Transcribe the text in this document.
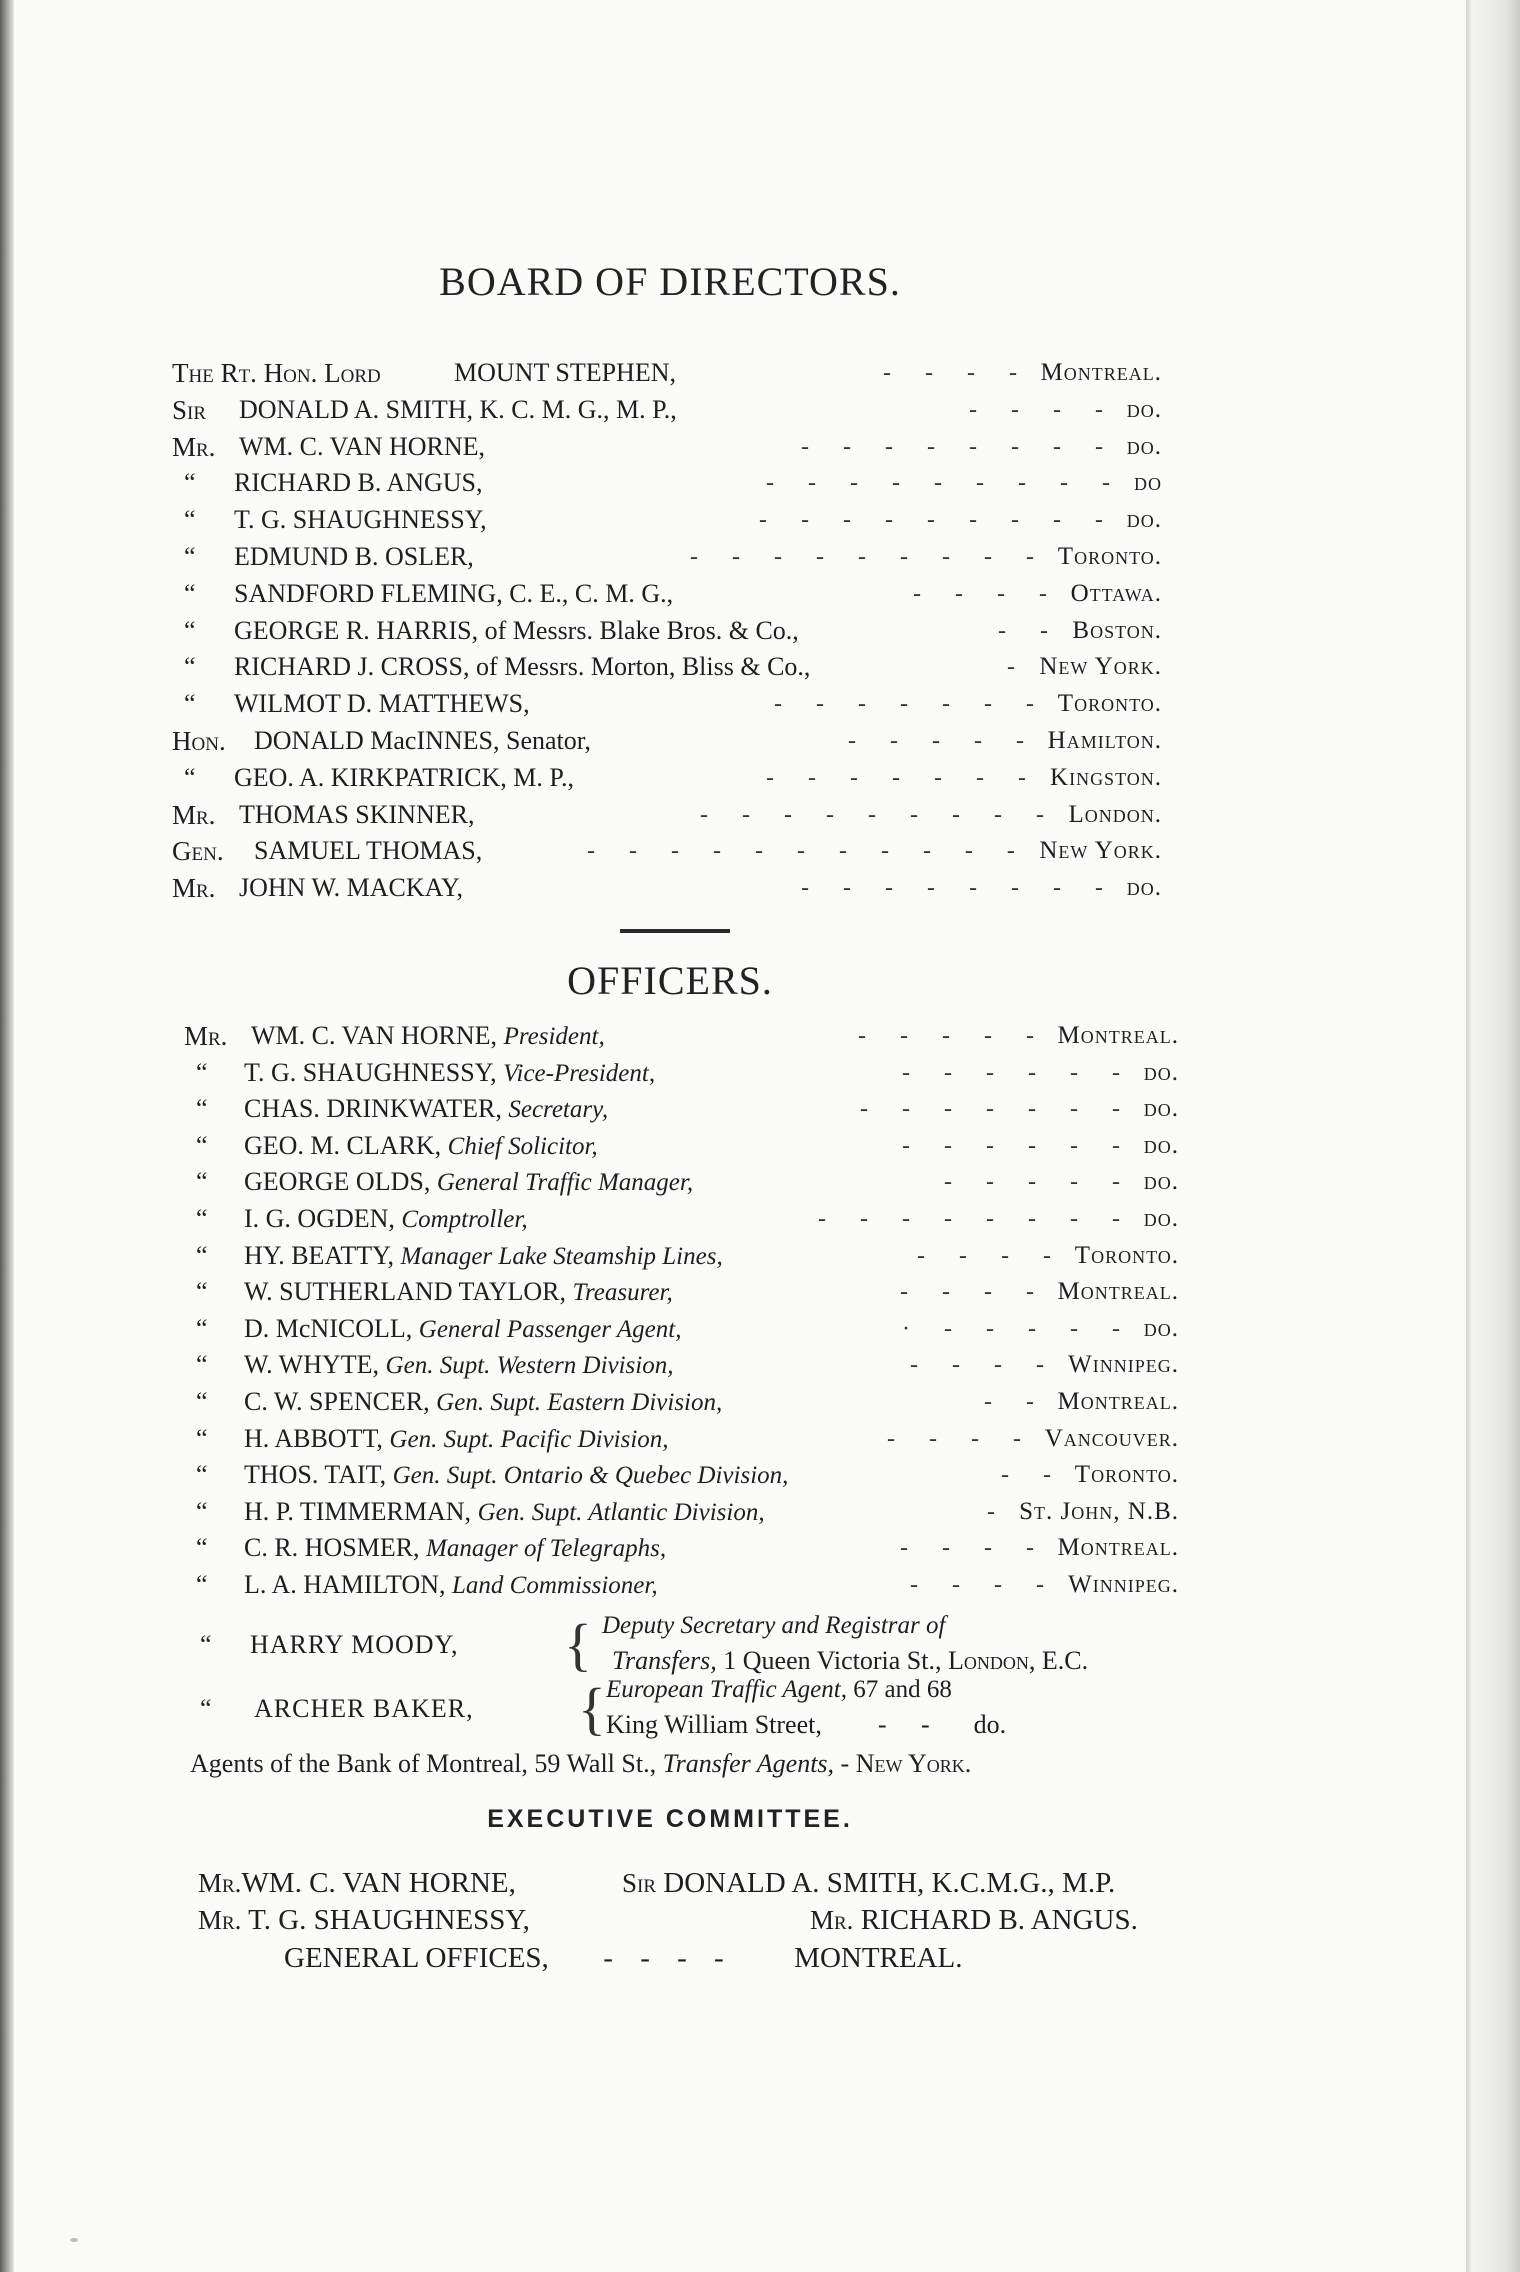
BOARD OF DIRECTORS.
The Rt. Hon. Lord	MOUNT STEPHEN,	- - - - Montreal.
Sir DONALD A. SMITH, K. C. M. G., M. P.,	- - - - do.
Mr. WM. C. VAN HORNE,	- - - - - - - - do.
“ RICHARD B. ANGUS,	- - - - - - - - - do
“ T. G. SHAUGHNESSY,	- - - - - - - - - do.
“ EDMUND B. OSLER,	- - - - - - - - - Toronto.
“ SANDFORD FLEMING, C. E., C. M. G.,	- - - - Ottawa.
“ GEORGE R. HARRIS, of Messrs. Blake Bros. & Co.,	- - Boston.
“ RICHARD J. CROSS, of Messrs. Morton, Bliss & Co.,	- New York.
“ WILMOT D. MATTHEWS,	- - - - - - - Toronto.
Hon. DONALD MacINNES, Senator,	- - - - - Hamilton.
“ GEO. A. KIRKPATRICK, M. P.,	- - - - - - - Kingston.
Mr. THOMAS SKINNER,	- - - - - - - - - London.
Gen. SAMUEL THOMAS,	- - - - - - - - - - - New York.
Mr. JOHN W. MACKAY,	- - - - - - - - do.
OFFICERS.
Mr. WM. C. VAN HORNE, President,	- - - - - Montreal.
“ T. G. SHAUGHNESSY, Vice-President,	- - - - - - do.
“ CHAS. DRINKWATER, Secretary,	- - - - - - - do.
“ GEO. M. CLARK, Chief Solicitor,	- - - - - - do.
“ GEORGE OLDS, General Traffic Manager,	- - - - - do.
“ I. G. OGDEN, Comptroller,	- - - - - - - - do.
“ HY. BEATTY, Manager Lake Steamship Lines,	- - - - Toronto.
“ W. SUTHERLAND TAYLOR, Treasurer,	- - - - Montreal.
“ D. McNICOLL, General Passenger Agent,	· - - - - - do.
“ W. WHYTE, Gen. Supt. Western Division,	- - - - Winnipeg.
“ C. W. SPENCER, Gen. Supt. Eastern Division,	- - Montreal.
“ H. ABBOTT, Gen. Supt. Pacific Division,	- - - - Vancouver.
“ THOS. TAIT, Gen. Supt. Ontario & Quebec Division,	- - Toronto.
“ H. P. TIMMERMAN, Gen. Supt. Atlantic Division,	- St. John, N.B.
“ C. R. HOSMER, Manager of Telegraphs,	- - - - Montreal.
“ L. A. HAMILTON, Land Commissioner,	- - - - Winnipeg.
“ HARRY MOODY, { Deputy Secretary and Registrar of
Transfers, 1 Queen Victoria St., London, E.C.
“ ARCHER BAKER, { European Traffic Agent, 67 and 68
King William Street, - - do.
Agents of the Bank of Montreal, 59 Wall St., Transfer Agents, - New York.
EXECUTIVE COMMITTEE.
Mr.WM. C. VAN HORNE,	Sir DONALD A. SMITH, K.C.M.G., M.P.
Mr. T. G. SHAUGHNESSY,	Mr. RICHARD B. ANGUS.
GENERAL OFFICES, - - - - MONTREAL.
